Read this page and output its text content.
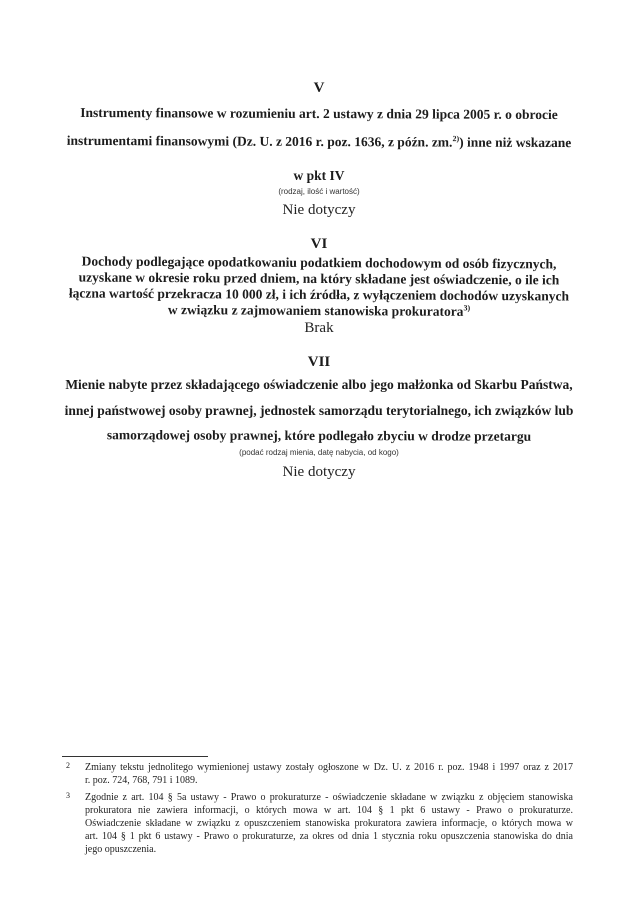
V
Instrumenty finansowe w rozumieniu art. 2 ustawy z dnia 29 lipca 2005 r. o obrocie
instrumentami finansowymi (Dz. U. z 2016 r. poz. 1636, z późn. zm.$^{2)}$) inne niż wskazane
w pkt IV
(rodzaj, ilość i wartość)
Nie dotyczy
VI
Dochody podlegające opodatkowaniu podatkiem dochodowym od osób fizycznych,
uzyskane w okresie roku przed dniem, na który składane jest oświadczenie, o ile ich
łączna wartość przekracza 10 000 zł, i ich źródła, z wyłączeniem dochodów uzyskanych
w związku z zajmowaniem stanowiska prokuratora$^{3)}$
Brak
VII
Mienie nabyte przez składającego oświadczenie albo jego małżonka od Skarbu Państwa,
innej państwowej osoby prawnej, jednostek samorządu terytorialnego, ich związków lub
samorządowej osoby prawnej, które podlegało zbyciu w drodze przetargu
(podać rodzaj mienia, datę nabycia, od kogo)
Nie dotyczy
2 Zmiany tekstu jednolitego wymienionej ustawy zostały ogłoszone w Dz. U. z 2016 r. poz. 1948 i 1997 oraz z 2017
r. poz. 724, 768, 791 i 1089.
3 Zgodnie z art. 104 § 5a ustawy - Prawo o prokuraturze - oświadczenie składane w związku z objęciem stanowiska
prokuratora nie zawiera informacji, o których mowa w art. 104 § 1 pkt 6 ustawy - Prawo o prokuraturze.
Oświadczenie składane w związku z opuszczeniem stanowiska prokuratora zawiera informacje, o których mowa w
art. 104 § 1 pkt 6 ustawy - Prawo o prokuraturze, za okres od dnia 1 stycznia roku opuszczenia stanowiska do dnia
jego opuszczenia.
